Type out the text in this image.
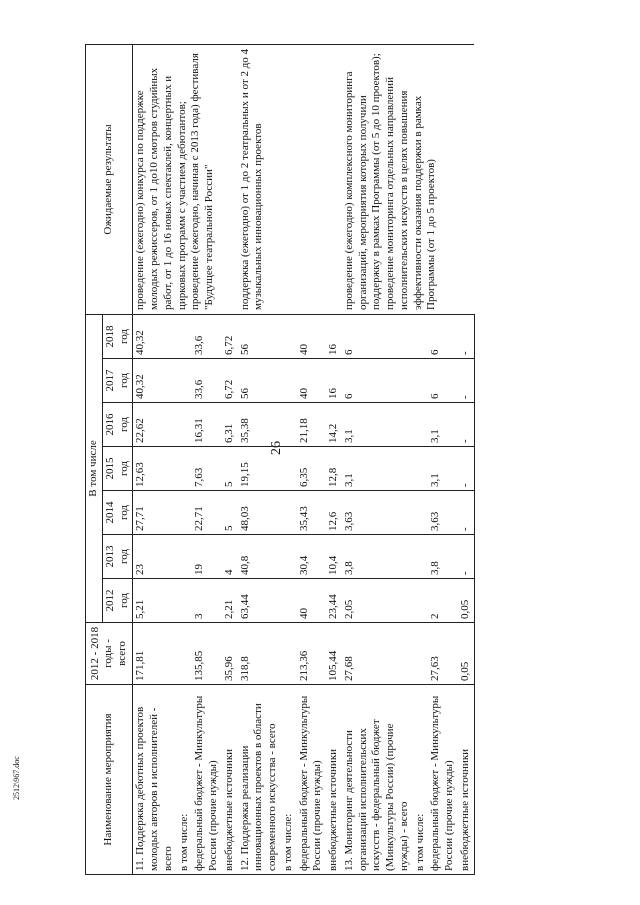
26
2512\967.doc	Наименование мероприятия	2012 - 2018 годы - всего	В том числе							Ожидаемые результаты
		2012 год	2013 год	2014 год	2015 год	2016 год	2017 год	2018 год	
11. Поддержка дебютных проектов молодых авторов и исполнителей - всего	171,81	5,21	23	27,71	12,63	22,62	40,32	40,32	проведение (ежегодно) конкурса по поддержке молодых режиссеров, от 1 до10 смотров студийных работ, от 1 до 16 новых спектаклей, концертных и цирковых программ с участием дебютантов; проведение (ежегодно, начиная с 2013 года) фестиваля "Будущее театральной России"
в том числе:									
федеральный бюджет - Минкультуры России (прочие нужды)	135,85	3	19	22,71	7,63	16,31	33,6	33,6	
внебюджетные источники	35,96	2,21	4	5	5	6,31	6,72	6,72	
12. Поддержка реализации инновационных проектов в области современного искусства - всего	318,8	63,44	40,8	48,03	19,15	35,38	56	56	поддержка (ежегодно) от 1 до 2 театральных и от 2 до 4 музыкальных инновационных проектов
в том числе:									
федеральный бюджет - Минкультуры России (прочие нужды)	213,36	40	30,4	35,43	6,35	21,18	40	40	
внебюджетные источники	105,44	23,44	10,4	12,6	12,8	14,2	16	16	
13. Мониторинг деятельности организаций исполнительских искусств - федеральный бюджет (Минкультуры России) (прочие нужды) - всего	27,68	2,05	3,8	3,63	3,1	3,1	6	6	проведение (ежегодно) комплексного мониторинга организаций, мероприятия которых получили поддержку в рамках Программы (от 5 до 10 проектов); проведение мониторинга отдельных направлений исполнительских искусств в целях повышения эффективности оказания поддержки в рамках Программы (от 1 до 5 проектов)
в том числе:									
федеральный бюджет - Минкультуры России (прочие нужды)	27,63	2	3,8	3,63	3,1	3,1	6	6	
внебюджетные источники	0,05	0,05	-	-	-	-	-	-	
